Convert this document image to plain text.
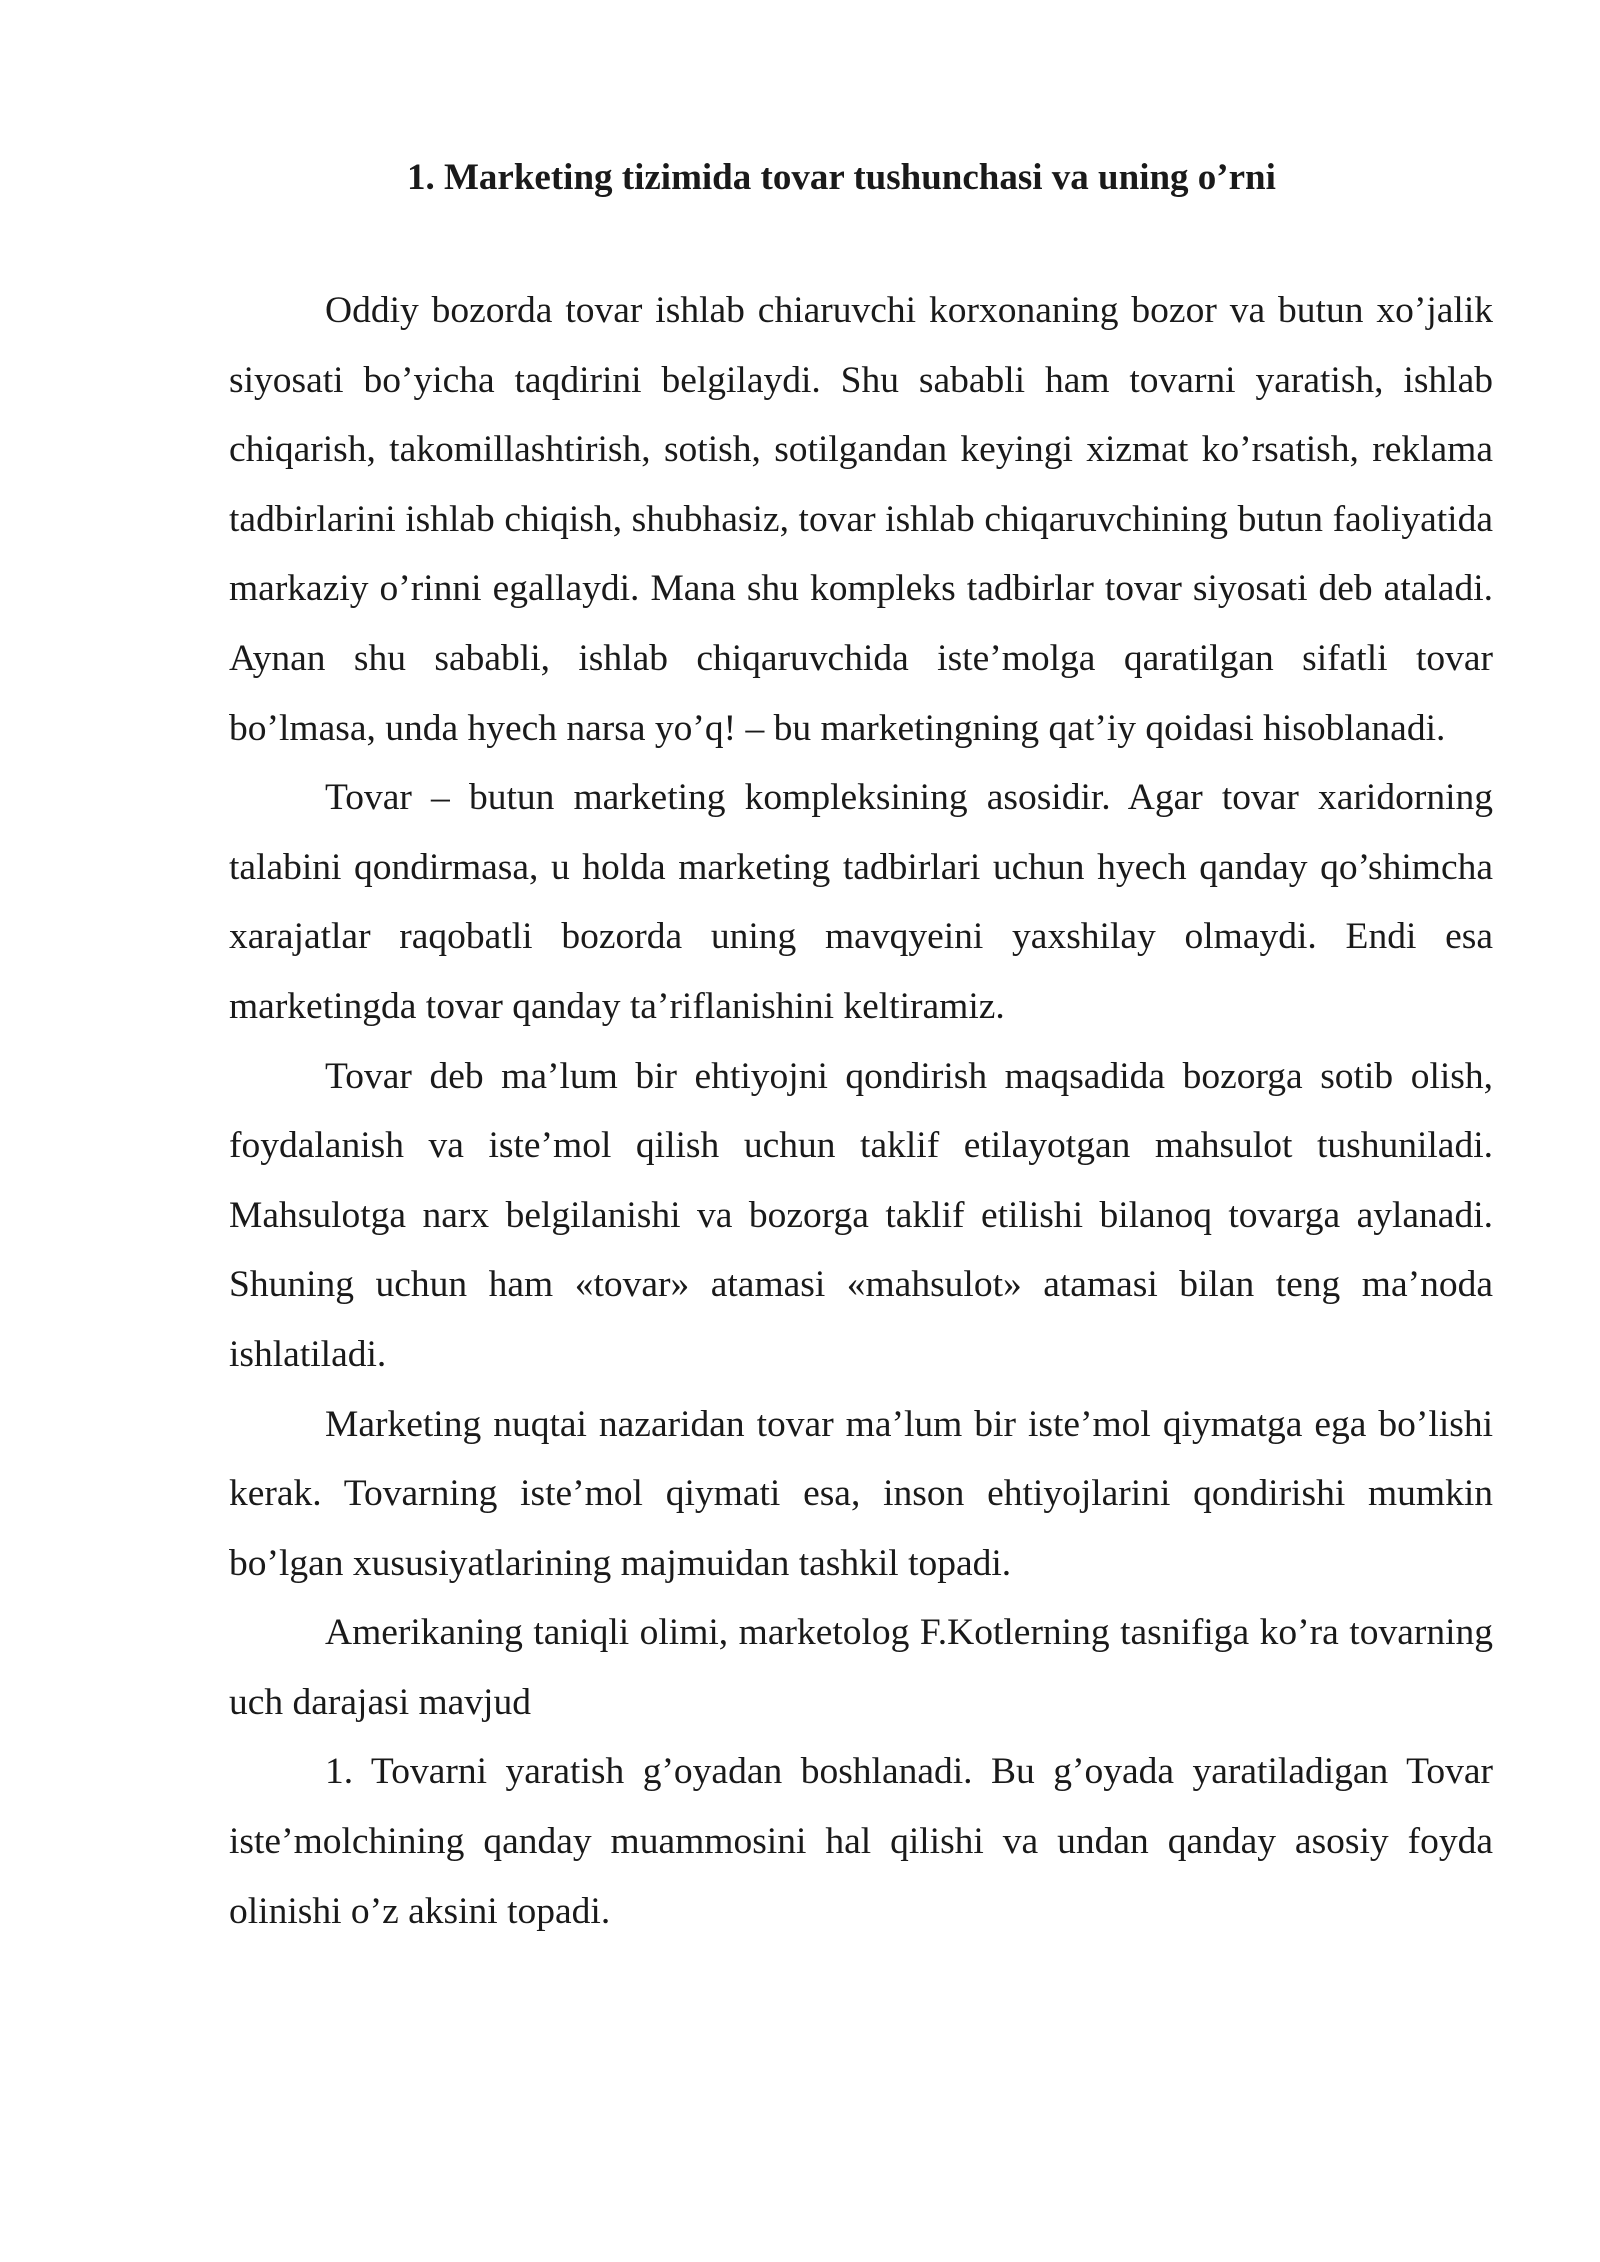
1. Marketing tizimida tovar tushunchasi va uning o’rni

Oddiy bozorda tovar ishlab chiaruvchi korxonaning bozor va butun xo’jalik siyosati bo’yicha taqdirini belgilaydi. Shu sababli ham tovarni yaratish, ishlab chiqarish, takomillashtirish, sotish, sotilgandan keyingi xizmat ko’rsatish, reklama tadbirlarini ishlab chiqish, shubhasiz, tovar ishlab chiqaruvchining butun faoliyatida markaziy o’rinni egallaydi. Mana shu kompleks tadbirlar tovar siyosati deb ataladi. Aynan shu sababli, ishlab chiqaruvchida iste’molga qaratilgan sifatli tovar bo’lmasa, unda hyech narsa yo’q! – bu marketingning qat’iy qoidasi hisoblanadi.

Tovar – butun marketing kompleksining asosidir. Agar tovar xaridorning talabini qondirmasa, u holda marketing tadbirlari uchun hyech qanday qo’shimcha xarajatlar raqobatli bozorda uning mavqyeini yaxshilay olmaydi. Endi esa marketingda tovar qanday ta’riflanishini keltiramiz.

Tovar deb ma’lum bir ehtiyojni qondirish maqsadida bozorga sotib olish, foydalanish va iste’mol qilish uchun taklif etilayotgan mahsulot tushuniladi. Mahsulotga narx belgilanishi va bozorga taklif etilishi bilanoq tovarga aylanadi. Shuning uchun ham «tovar» atamasi «mahsulot» atamasi bilan teng ma’noda ishlatiladi.

Marketing nuqtai nazaridan tovar ma’lum bir iste’mol qiymatga ega bo’lishi kerak. Tovarning iste’mol qiymati esa, inson ehtiyojlarini qondirishi mumkin bo’lgan xususiyatlarining majmuidan tashkil topadi.

Amerikaning taniqli olimi, marketolog F.Kotlerning tasnifiga ko’ra tovarning uch darajasi mavjud

1. Tovarni yaratish g’oyadan boshlanadi. Bu g’oyada yaratiladigan Tovar iste’molchining qanday muammosini hal qilishi va undan qanday asosiy foyda olinishi o’z aksini topadi.
